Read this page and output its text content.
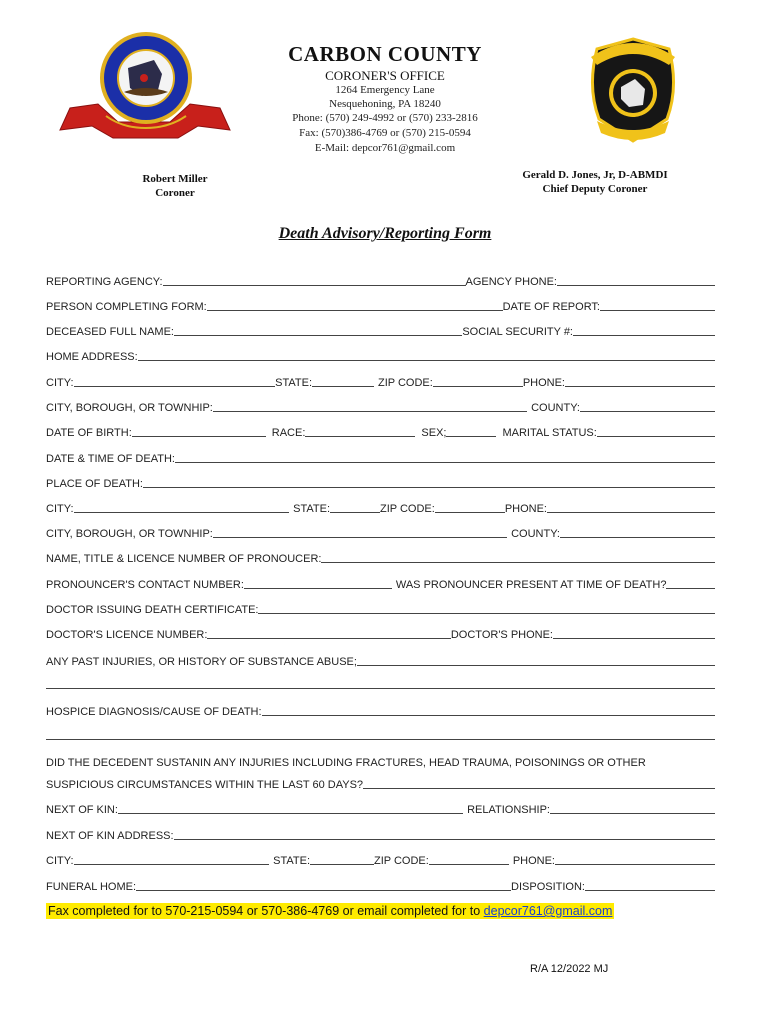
CARBON COUNTY
CORONER'S OFFICE
1264 Emergency Lane
Nesquehoning, PA 18240
Phone: (570) 249-4992 or (570) 233-2816
Fax: (570)386-4769 or (570) 215-0594
E-Mail: depcor761@gmail.com
Robert Miller
Coroner
Gerald D. Jones, Jr, D-ABMDI
Chief Deputy Coroner
Death Advisory/Reporting Form
REPORTING AGENCY:	AGENCY PHONE:
PERSON COMPLETING FORM:	DATE OF REPORT:
DECEASED FULL NAME:	SOCIAL SECURITY #:
HOME ADDRESS:
CITY:	STATE:	ZIP CODE:	PHONE:
CITY, BOROUGH, OR TOWNHIP:	COUNTY:
DATE OF BIRTH:	RACE:	SEX;	MARITAL STATUS:
DATE & TIME OF DEATH:
PLACE OF DEATH:
CITY:	STATE:	ZIP CODE:	PHONE:
CITY, BOROUGH, OR TOWNHIP:	COUNTY:
NAME, TITLE & LICENCE NUMBER OF PRONOUCER:
PRONOUNCER'S CONTACT NUMBER:	WAS PRONOUNCER PRESENT AT TIME OF DEATH?
DOCTOR ISSUING DEATH CERTIFICATE:
DOCTOR'S LICENCE NUMBER:	DOCTOR'S PHONE:
ANY PAST INJURIES, OR HISTORY OF SUBSTANCE ABUSE;
HOSPICE DIAGNOSIS/CAUSE OF DEATH:
DID THE DECEDENT SUSTANIN ANY INJURIES INCLUDING FRACTURES, HEAD TRAUMA, POISONINGS OR OTHER
SUSPICIOUS CIRCUMSTANCES WITHIN THE LAST 60 DAYS?
NEXT OF KIN:	RELATIONSHIP:
NEXT OF KIN ADDRESS:
CITY:	STATE:	ZIP CODE:	PHONE:
FUNERAL HOME:	DISPOSITION:
Fax completed for to 570-215-0594 or 570-386-4769 or email completed for to depcor761@gmail.com
R/A 12/2022 MJ
